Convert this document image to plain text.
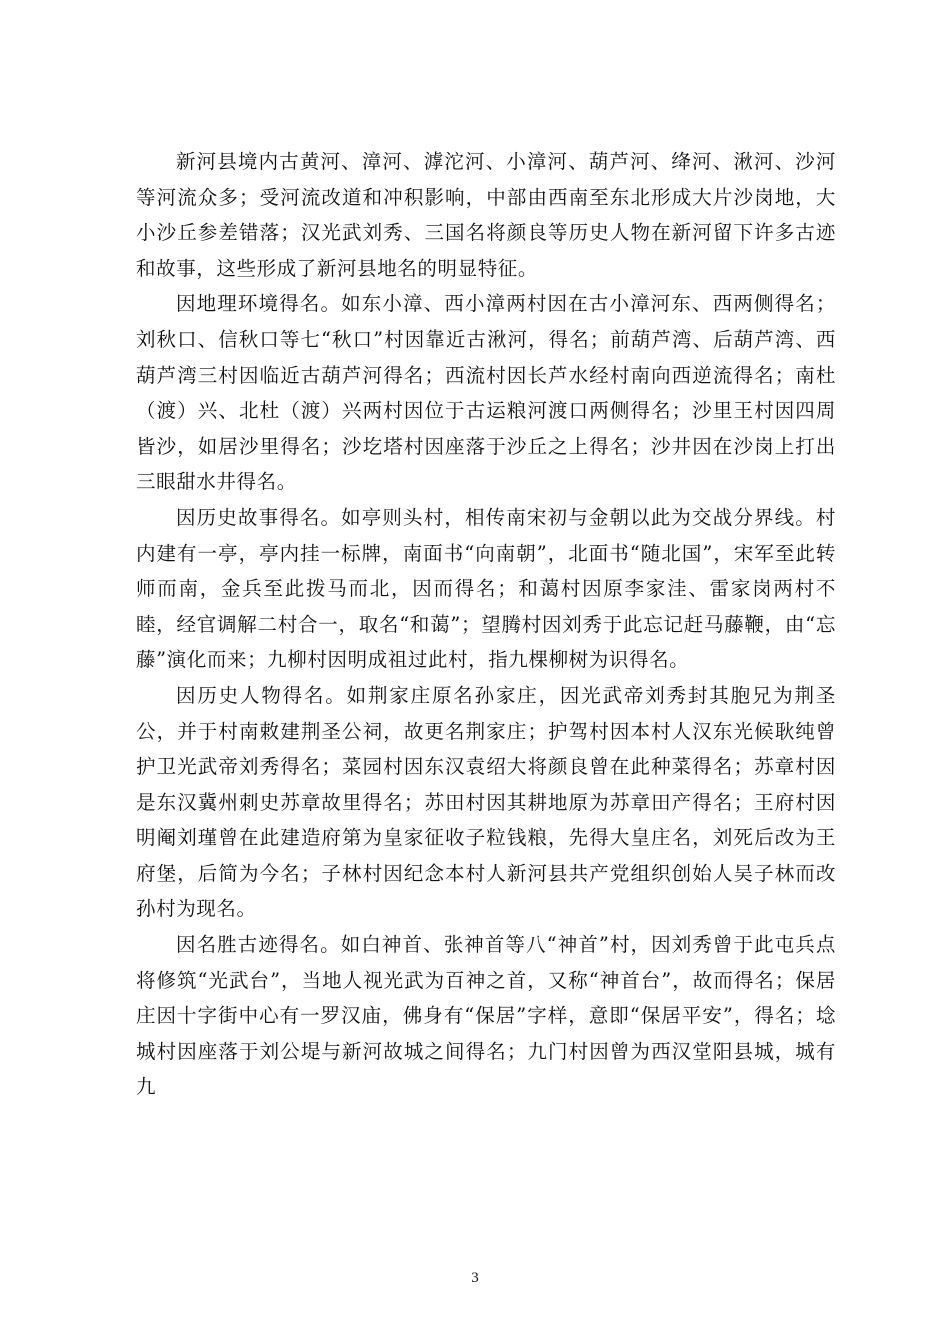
新河县境内古黄河、漳河、滹沱河、小漳河、葫芦河、绛河、湫河、沙河等河流众多；受河流改道和冲积影响，中部由西南至东北形成大片沙岗地，大小沙丘参差错落；汉光武刘秀、三国名将颜良等历史人物在新河留下许多古迹和故事，这些形成了新河县地名的明显特征。

因地理环境得名。如东小漳、西小漳两村因在古小漳河东、西两侧得名；刘秋口、信秋口等七“秋口”村因靠近古湫河，得名；前葫芦湾、后葫芦湾、西葫芦湾三村因临近古葫芦河得名；西流村因长芦水经村南向西逆流得名；南杜（渡）兴、北杜（渡）兴两村因位于古运粮河渡口两侧得名；沙里王村因四周皆沙，如居沙里得名；沙圪塔村因座落于沙丘之上得名；沙井因在沙岗上打出三眼甜水井得名。

因历史故事得名。如亭则头村，相传南宋初与金朝以此为交战分界线。村内建有一亭，亭内挂一标牌，南面书“向南朝”，北面书“随北国”，宋军至此转师而南，金兵至此拨马而北，因而得名；和蔼村因原李家洼、雷家岗两村不睦，经官调解二村合一，取名“和蔼”；望腾村因刘秀于此忘记赶马藤鞭，由“忘藤”演化而来；九柳村因明成祖过此村，指九棵柳树为识得名。

因历史人物得名。如荆家庄原名孙家庄，因光武帝刘秀封其胞兄为荆圣公，并于村南敕建荆圣公祠，故更名荆家庄；护驾村因本村人汉东光候耿纯曾护卫光武帝刘秀得名；菜园村因东汉袁绍大将颜良曾在此种菜得名；苏章村因是东汉冀州刺史苏章故里得名；苏田村因其耕地原为苏章田产得名；王府村因明阉刘瑾曾在此建造府第为皇家征收子粒钱粮，先得大皇庄名，刘死后改为王府堡，后简为今名；子林村因纪念本村人新河县共产党组织创始人吴子林而改孙村为现名。

因名胜古迹得名。如白神首、张神首等八“神首”村，因刘秀曾于此屯兵点将修筑“光武台”，当地人视光武为百神之首，又称“神首台”，故而得名；保居庄因十字街中心有一罗汉庙，佛身有“保居”字样，意即“保居平安”，得名；埝城村因座落于刘公堤与新河故城之间得名；九门村因曾为西汉堂阳县城，城有九

3
